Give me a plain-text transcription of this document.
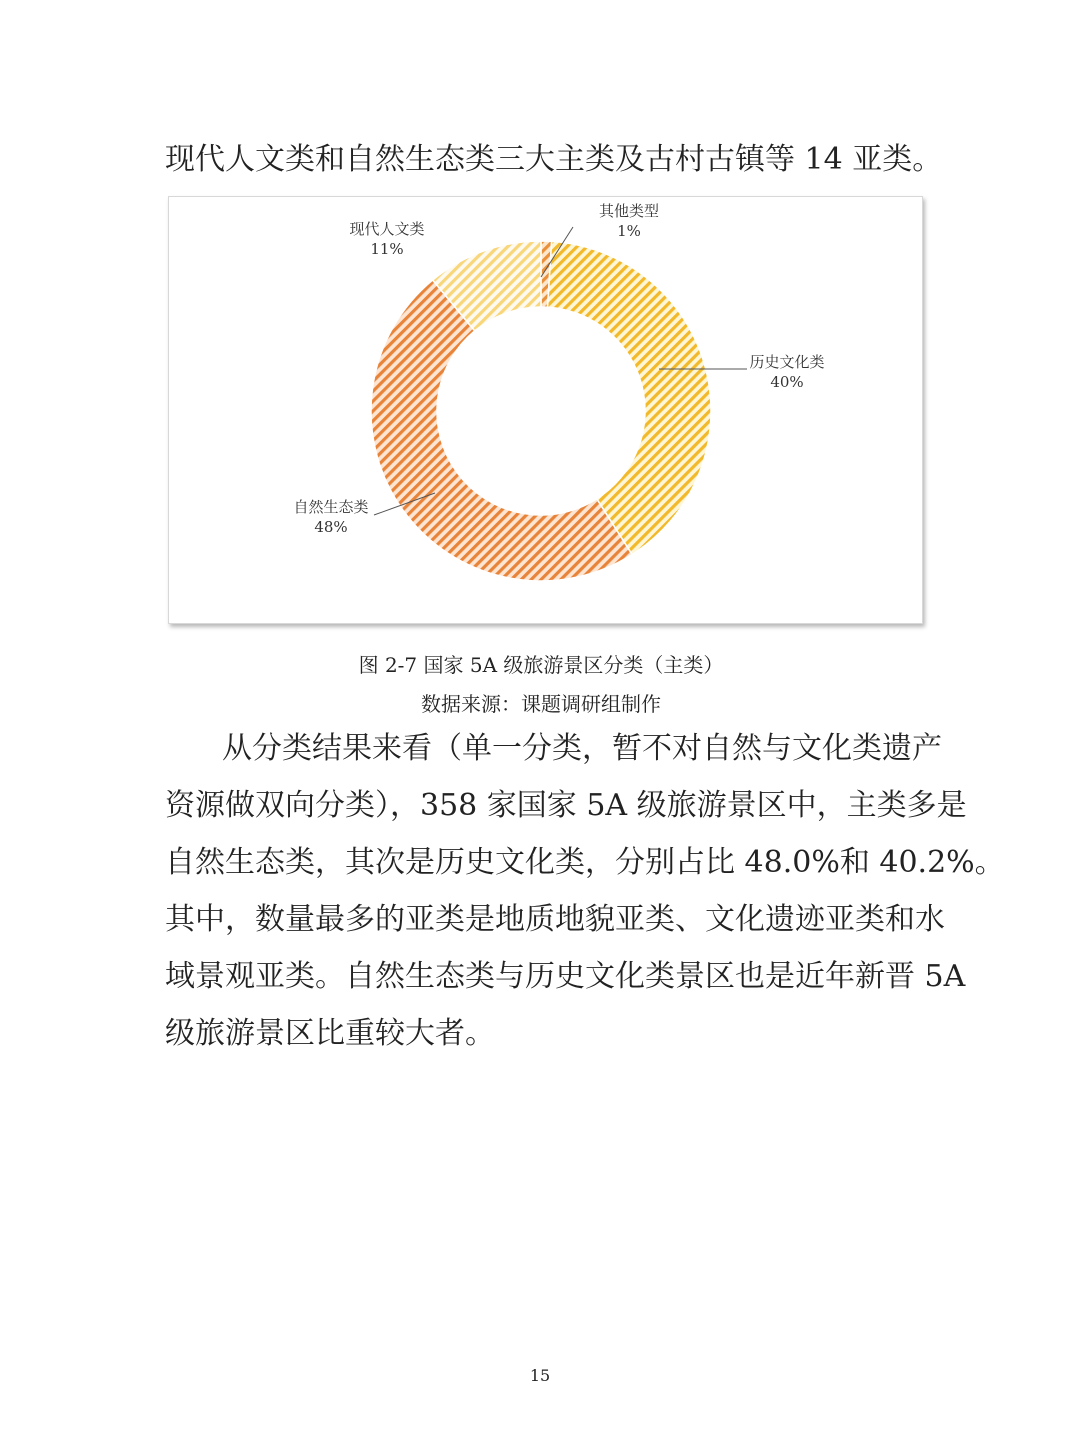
现代人文类和自然生态类三大主类及古村古镇等 14 亚类。

现代人文类
11%
其他类型
1%
历史文化类
40%
自然生态类
48%

图 2-7 国家 5A 级旅游景区分类（主类）

数据来源：课题调研组制作

从分类结果来看（单一分类，暂不对自然与文化类遗产

资源做双向分类），358 家国家 5A 级旅游景区中，主类多是

自然生态类，其次是历史文化类，分别占比 48.0%和 40.2%。

其中，数量最多的亚类是地质地貌亚类、文化遗迹亚类和水

域景观亚类。自然生态类与历史文化类景区也是近年新晋 5A

级旅游景区比重较大者。

15
